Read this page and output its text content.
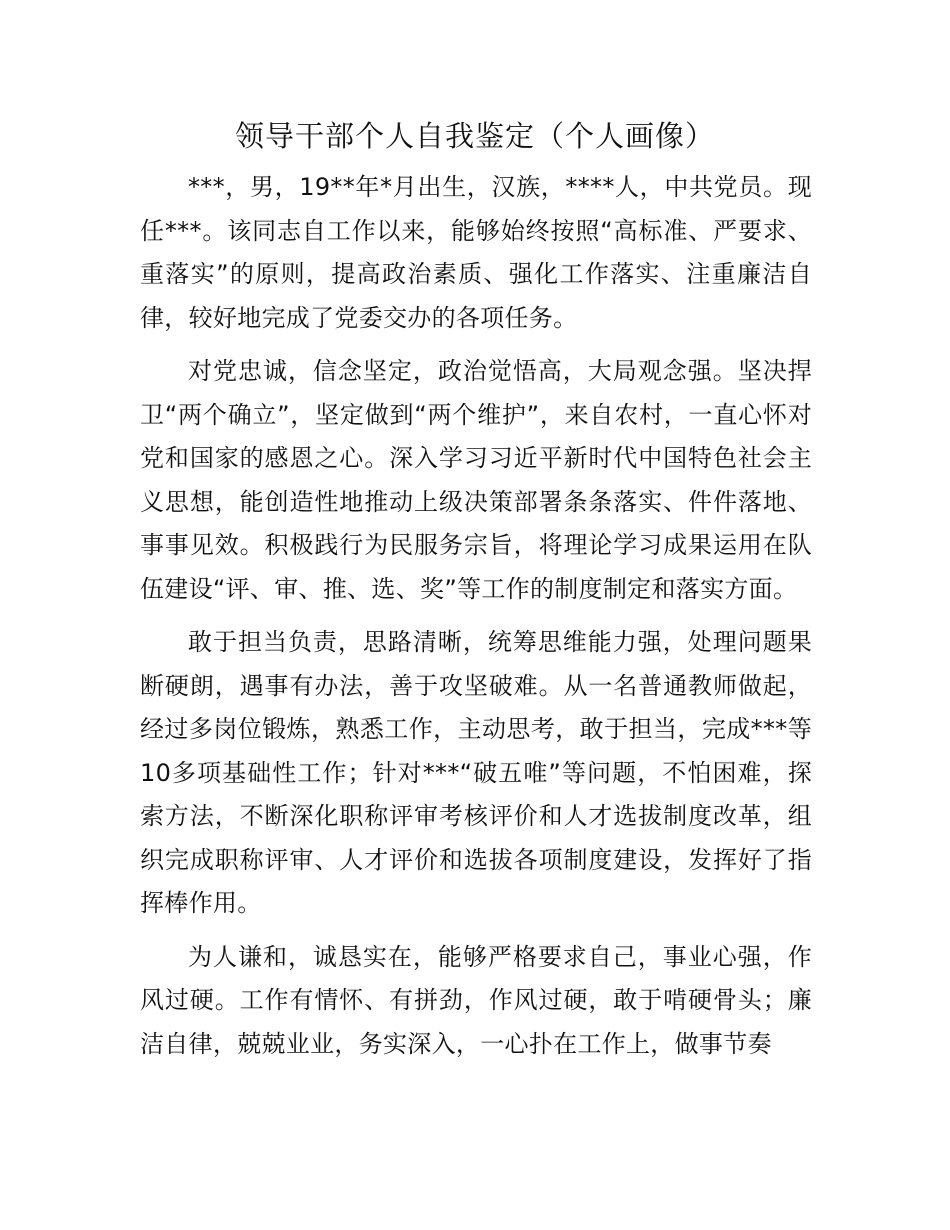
领导干部个人自我鉴定（个人画像）

***，男，19**年*月出生，汉族，****人，中共党员。现任***。该同志自工作以来，能够始终按照“高标准、严要求、重落实”的原则，提高政治素质、强化工作落实、注重廉洁自律，较好地完成了党委交办的各项任务。

对党忠诚，信念坚定，政治觉悟高，大局观念强。坚决捍卫“两个确立”，坚定做到“两个维护”，来自农村，一直心怀对党和国家的感恩之心。深入学习习近平新时代中国特色社会主义思想，能创造性地推动上级决策部署条条落实、件件落地、事事见效。积极践行为民服务宗旨，将理论学习成果运用在队伍建设“评、审、推、选、奖”等工作的制度制定和落实方面。

敢于担当负责，思路清晰，统筹思维能力强，处理问题果断硬朗，遇事有办法，善于攻坚破难。从一名普通教师做起，经过多岗位锻炼，熟悉工作，主动思考，敢于担当，完成***等10多项基础性工作；针对***“破五唯”等问题，不怕困难，探索方法，不断深化职称评审考核评价和人才选拔制度改革，组织完成职称评审、人才评价和选拔各项制度建设，发挥好了指挥棒作用。

为人谦和，诚恳实在，能够严格要求自己，事业心强，作风过硬。工作有情怀、有拼劲，作风过硬，敢于啃硬骨头；廉洁自律，兢兢业业，务实深入，一心扑在工作上，做事节奏
